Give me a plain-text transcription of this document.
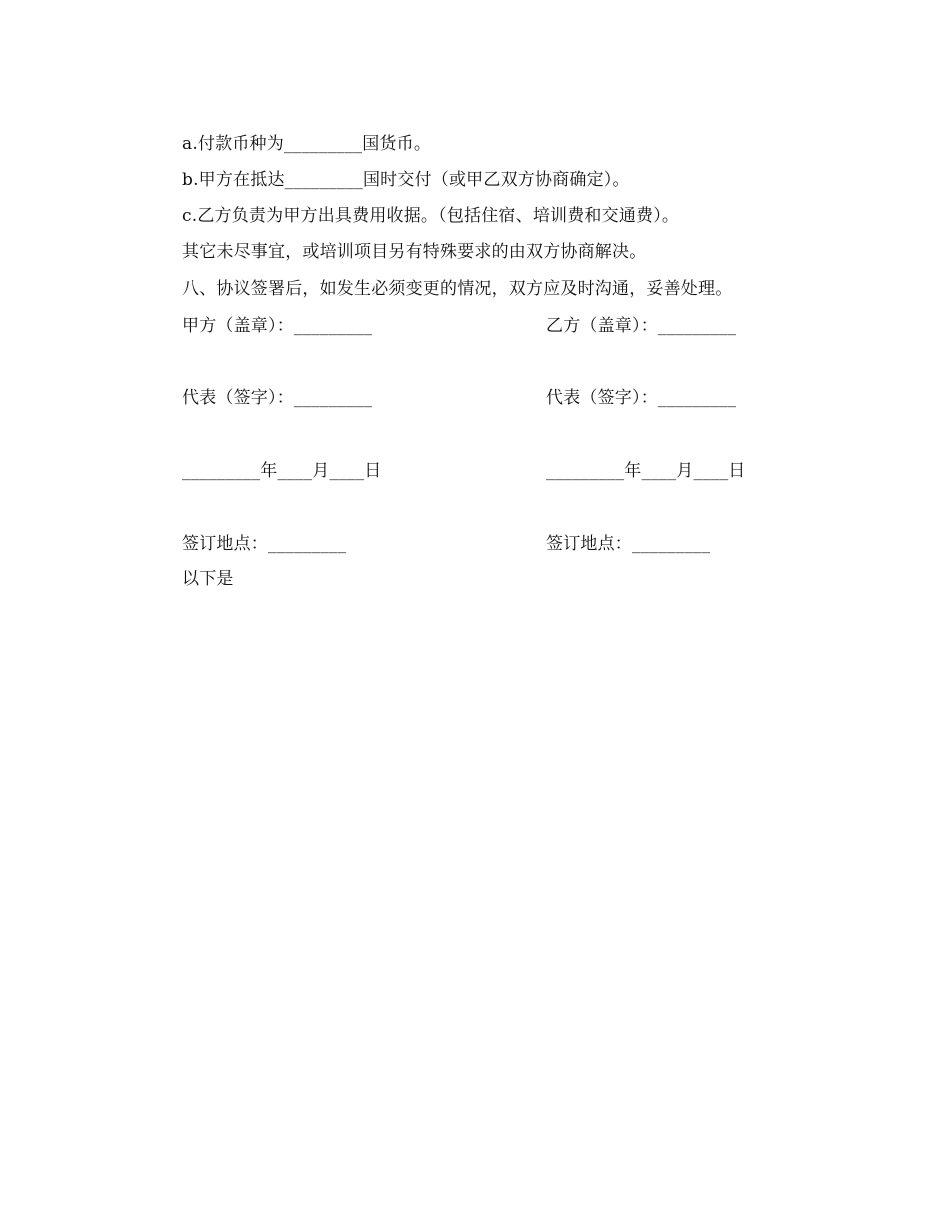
a.付款币种为_________国货币。
b.甲方在抵达_________国时交付（或甲乙双方协商确定）。
c.乙方负责为甲方出具费用收据。（包括住宿、培训费和交通费）。
其它未尽事宜，或培训项目另有特殊要求的由双方协商解决。
八、协议签署后，如发生必须变更的情况，双方应及时沟通，妥善处理。
甲方（盖章）：_________	乙方（盖章）：_________
代表（签字）：_________	代表（签字）：_________
_________年____月____日	_________年____月____日
签订地点：_________	签订地点：_________
以下是
